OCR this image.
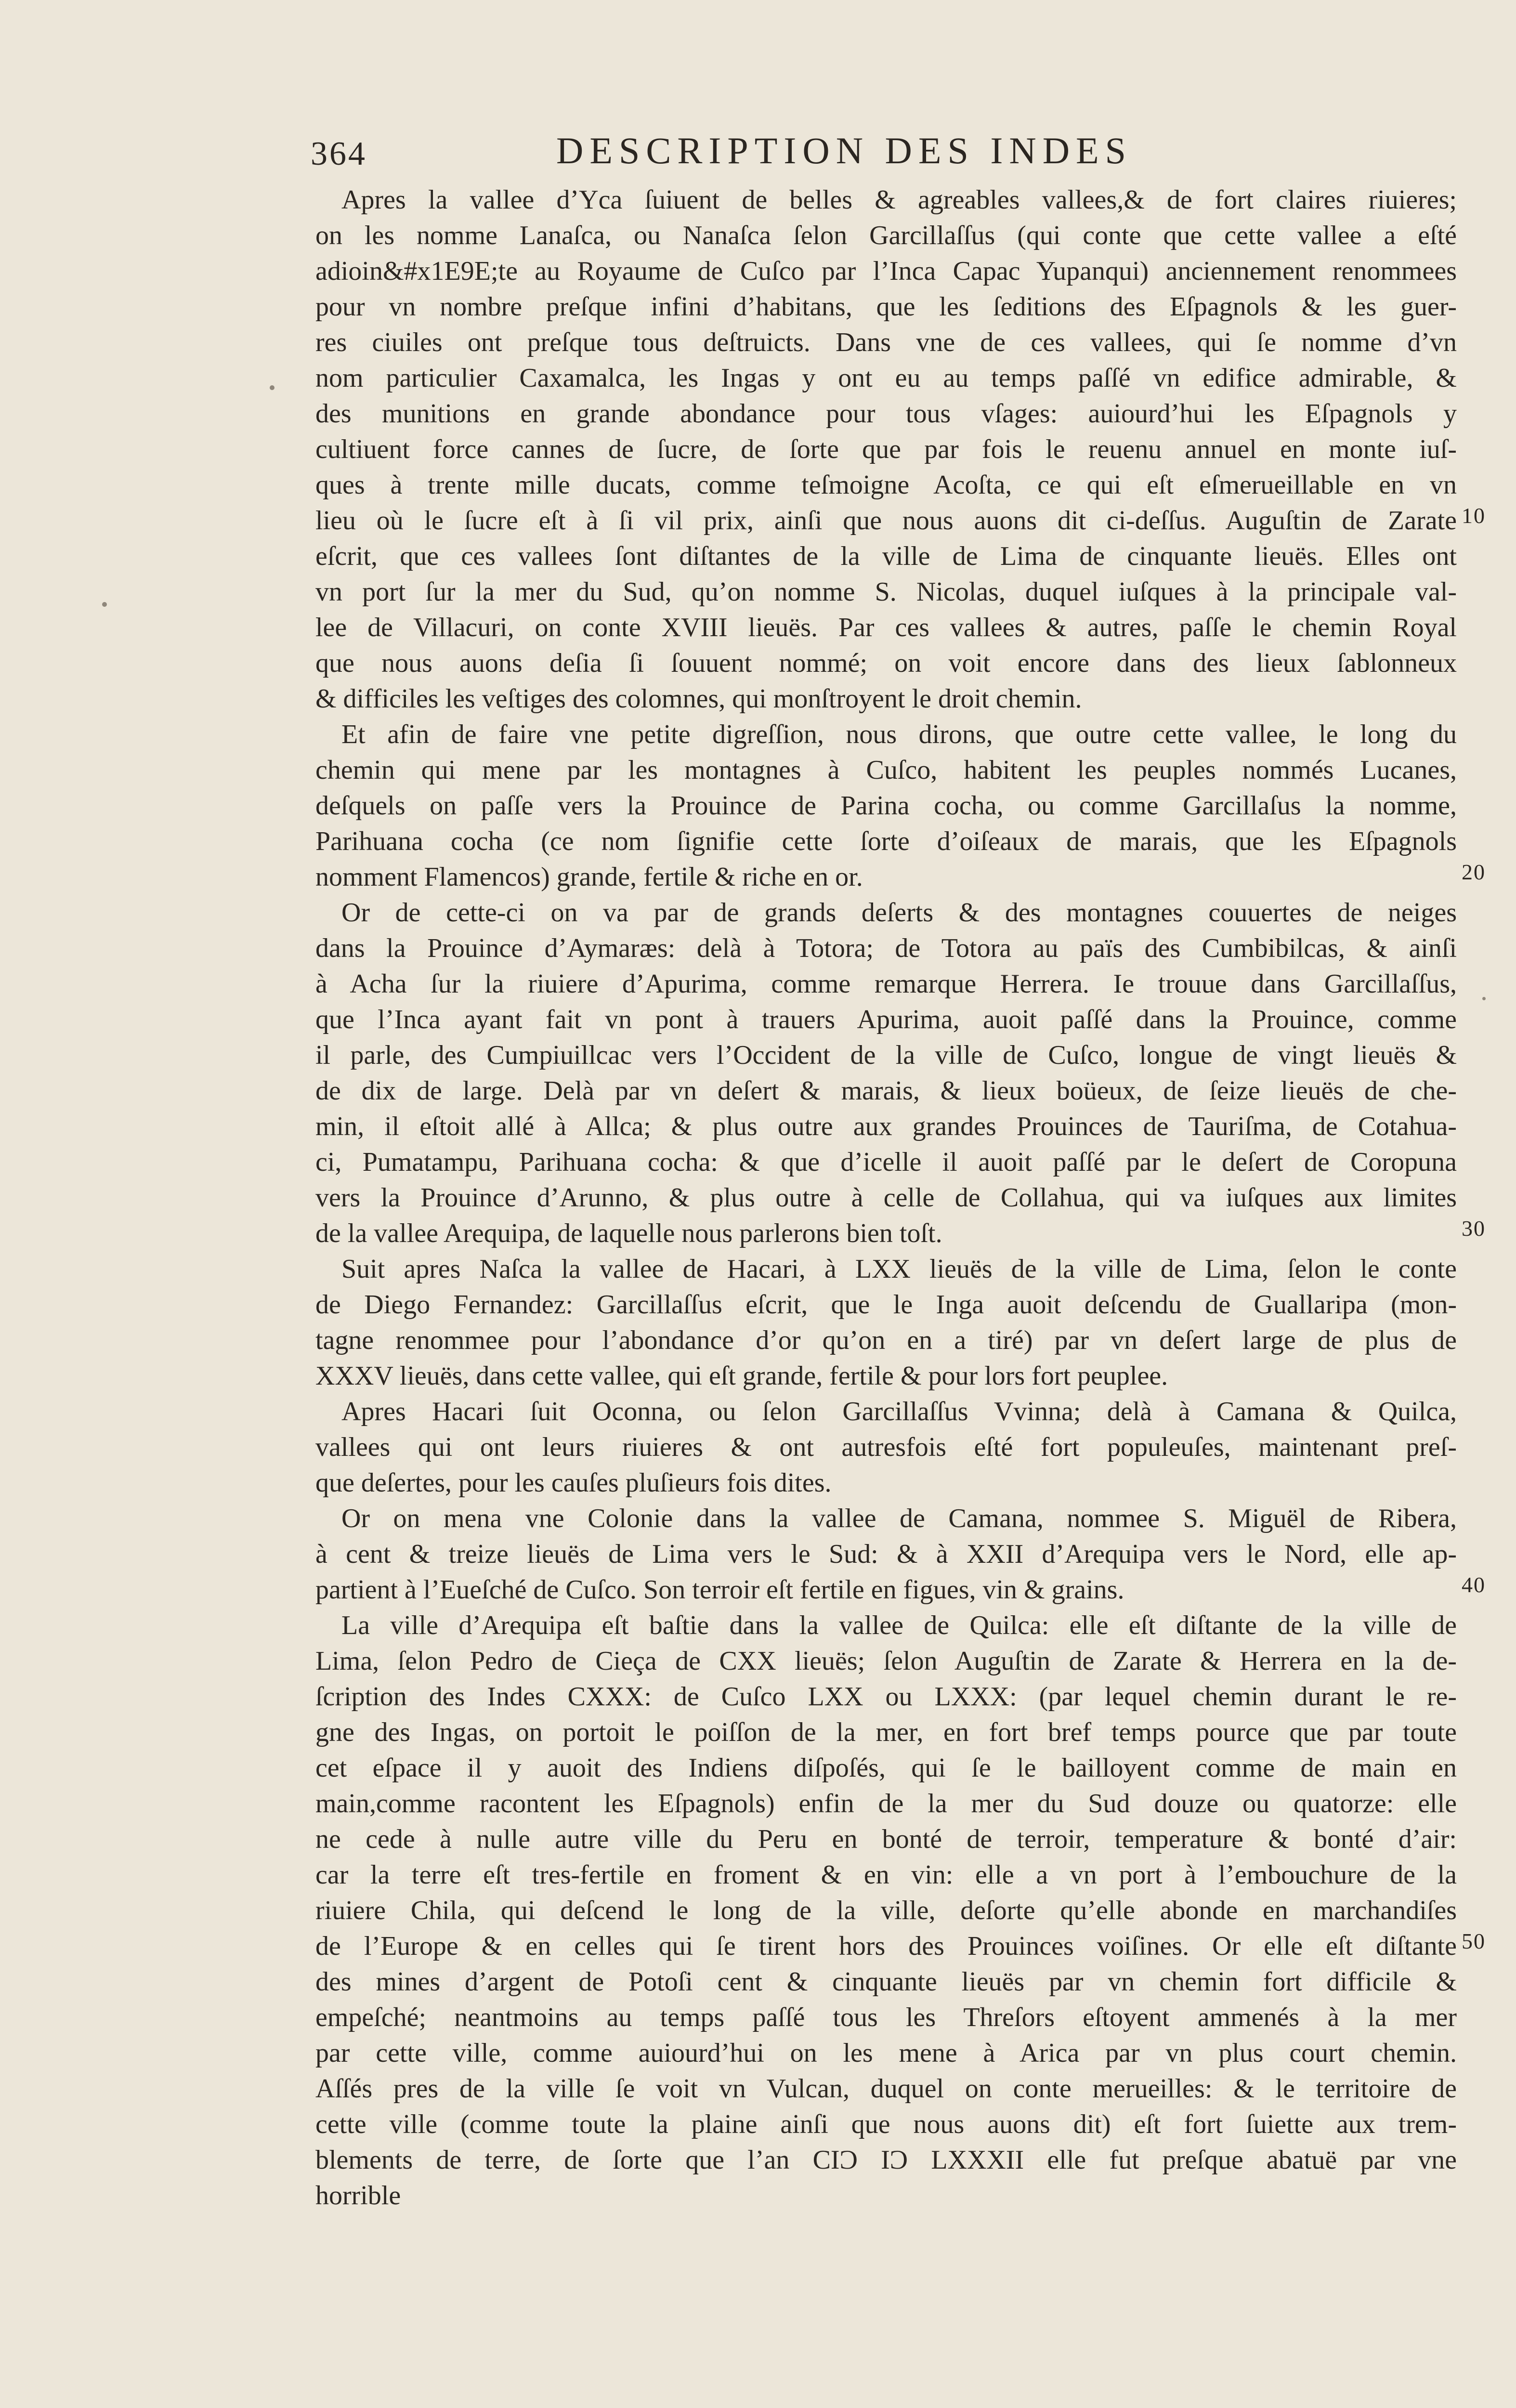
364	DESCRIPTION DES INDES
Apres la vallee d’Yca ſuiuent de belles & agreables vallees,& de fort claires riuieres;
on les nomme Lanaſca, ou Nanaſca ſelon Garcillaſſus (qui conte que cette vallee a eſté
adioin&#x1E9E;te au Royaume de Cuſco par l’Inca Capac Yupanqui) anciennement renommees
pour vn nombre preſque infini d’habitans, que les ſeditions des Eſpagnols & les guer-
res ciuiles ont preſque tous deſtruicts. Dans vne de ces vallees, qui ſe nomme d’vn
nom particulier Caxamalca, les Ingas y ont eu au temps paſſé vn edifice admirable, &
des munitions en grande abondance pour tous vſages: auiourd’hui les Eſpagnols y
cultiuent force cannes de ſucre, de ſorte que par fois le reuenu annuel en monte iuſ-
ques à trente mille ducats, comme teſmoigne Acoſta, ce qui eſt eſmerueillable en vn
lieu où le ſucre eſt à ſi vil prix, ainſi que nous auons dit ci-deſſus. Auguſtin de Zarate
eſcrit, que ces vallees ſont diſtantes de la ville de Lima de cinquante lieuës. Elles ont
vn port ſur la mer du Sud, qu’on nomme S. Nicolas, duquel iuſques à la principale val-
lee de Villacuri, on conte XVIII lieuës. Par ces vallees & autres, paſſe le chemin Royal
que nous auons deſia ſi ſouuent nommé; on voit encore dans des lieux ſablonneux
& difficiles les veſtiges des colomnes, qui monſtroyent le droit chemin.
Et afin de faire vne petite digreſſion, nous dirons, que outre cette vallee, le long du
chemin qui mene par les montagnes à Cuſco, habitent les peuples nommés Lucanes,
deſquels on paſſe vers la Prouince de Parina cocha, ou comme Garcillaſus la nomme,
Parihuana cocha (ce nom ſignifie cette ſorte d’oiſeaux de marais, que les Eſpagnols
nomment Flamencos) grande, fertile & riche en or.
Or de cette-ci on va par de grands deſerts & des montagnes couuertes de neiges
dans la Prouince d’Aymaræs: delà à Totora; de Totora au païs des Cumbibilcas, & ainſi
à Acha ſur la riuiere d’Apurima, comme remarque Herrera. Ie trouue dans Garcillaſſus,
que l’Inca ayant fait vn pont à trauers Apurima, auoit paſſé dans la Prouince, comme
il parle, des Cumpiuillcac vers l’Occident de la ville de Cuſco, longue de vingt lieuës &
de dix de large. Delà par vn deſert & marais, & lieux boüeux, de ſeize lieuës de che-
min, il eſtoit allé à Allca; & plus outre aux grandes Prouinces de Tauriſma, de Cotahua-
ci, Pumatampu, Parihuana cocha: & que d’icelle il auoit paſſé par le deſert de Coropuna
vers la Prouince d’Arunno, & plus outre à celle de Collahua, qui va iuſques aux limites
de la vallee Arequipa, de laquelle nous parlerons bien toſt.
Suit apres Naſca la vallee de Hacari, à LXX lieuës de la ville de Lima, ſelon le conte
de Diego Fernandez: Garcillaſſus eſcrit, que le Inga auoit deſcendu de Guallaripa (mon-
tagne renommee pour l’abondance d’or qu’on en a tiré) par vn deſert large de plus de
XXXV lieuës, dans cette vallee, qui eſt grande, fertile & pour lors fort peuplee.
Apres Hacari ſuit Oconna, ou ſelon Garcillaſſus Vvinna; delà à Camana & Quilca,
vallees qui ont leurs riuieres & ont autresfois eſté fort populeuſes, maintenant preſ-
que deſertes, pour les cauſes pluſieurs fois dites.
Or on mena vne Colonie dans la vallee de Camana, nommee S. Miguël de Ribera,
à cent & treize lieuës de Lima vers le Sud: & à XXII d’Arequipa vers le Nord, elle ap-
partient à l’Eueſché de Cuſco. Son terroir eſt fertile en figues, vin & grains.
La ville d’Arequipa eſt baſtie dans la vallee de Quilca: elle eſt diſtante de la ville de
Lima, ſelon Pedro de Cieça de CXX lieuës; ſelon Auguſtin de Zarate & Herrera en la de-
ſcription des Indes CXXX: de Cuſco LXX ou LXXX: (par lequel chemin durant le re-
gne des Ingas, on portoit le poiſſon de la mer, en fort bref temps pource que par toute
cet eſpace il y auoit des Indiens diſpoſés, qui ſe le bailloyent comme de main en
main,comme racontent les Eſpagnols) enfin de la mer du Sud douze ou quatorze: elle
ne cede à nulle autre ville du Peru en bonté de terroir, temperature & bonté d’air:
car la terre eſt tres-fertile en froment & en vin: elle a vn port à l’embouchure de la
riuiere Chila, qui deſcend le long de la ville, deſorte qu’elle abonde en marchandiſes
de l’Europe & en celles qui ſe tirent hors des Prouinces voiſines. Or elle eſt diſtante
des mines d’argent de Potoſi cent & cinquante lieuës par vn chemin fort difficile &
empeſché; neantmoins au temps paſſé tous les Threſors eſtoyent ammenés à la mer
par cette ville, comme auiourd’hui on les mene à Arica par vn plus court chemin.
Aſſés pres de la ville ſe voit vn Vulcan, duquel on conte merueilles: & le territoire de
cette ville (comme toute la plaine ainſi que nous auons dit) eſt fort ſuiette aux trem-
blements de terre, de ſorte que l’an CIϽ IϽ LXXXII elle fut preſque abatuë par vne
horrible
10
20
30
40
50
